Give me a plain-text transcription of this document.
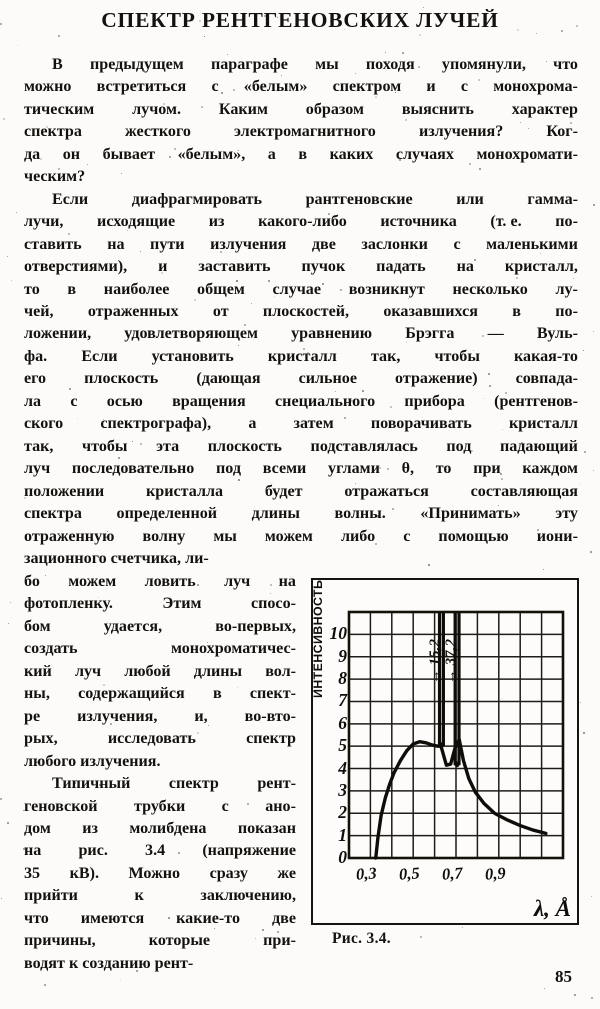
СПЕКТР РЕНТГЕНОВСКИХ ЛУЧЕЙ
В предыдущем параграфе мы походя упомянули, что
можно встретиться с «белым» спектром и с монохрома-
тическим лучом. Каким образом выяснить характер
спектра	жесткого	электромагнитного	излучения?	Ког-
да он бывает «белым», а в каких случаях монохромати-
ческим?
Если	диафрагмировать	рантгеновские	или	гамма-
лучи, исходящие из какого-либо источника (т. е. по-
ставить на пути излучения две заслонки с маленькими
отверстиями), и заставить пучок падать на кристалл,
то в наиболее общем случае возникнут несколько лу-
чей, отраженных от плоскостей, оказавшихся в по-
ложении, удовлетворяющем уравнению Брэгга — Вуль-
фа. Если установить кристалл так, чтобы какая-то
его плоскость (дающая сильное отражение) совпада-
ла с осью вращения снециального прибора (рентгенов-
ского спектрографа), а затем поворачивать кристалл
так, чтобы эта плоскость подставлялась под падающий
луч последовательно под всеми углами θ, то при каждом
положении	кристалла	будет	отражаться	составляющая
спектра определенной длины волны. «Принимать» эту
отраженную волну мы можем либо с помощью иони-
зационного счетчика, ли-
бо можем ловить луч на
фотопленку.	Этим	спосо-
бом	удается,	во-первых,
создать	монохроматичес-
кий луч любой длины вол-
ны, содержащийся в спект-
ре излучения, и, во-вто-
рых,	исследовать	спектр
любого излучения.
Типичный спектр рент-
геновской трубки с ано-
дом из молибдена показан
на рис. 3.4 (напряжение
35 кВ). Можно сразу же
прийти	к	заключению,
что имеются какие-то две
причины,	которые	при-
водят к созданию рент-
ИНТЕНСИВНОСТЬ
0
1
2
3
4
5
6
7
8
9
10
0,3 0,5 0,7 0,9
→ 15,2 → 37,2
λ, Å
Рис. 3.4.
85
